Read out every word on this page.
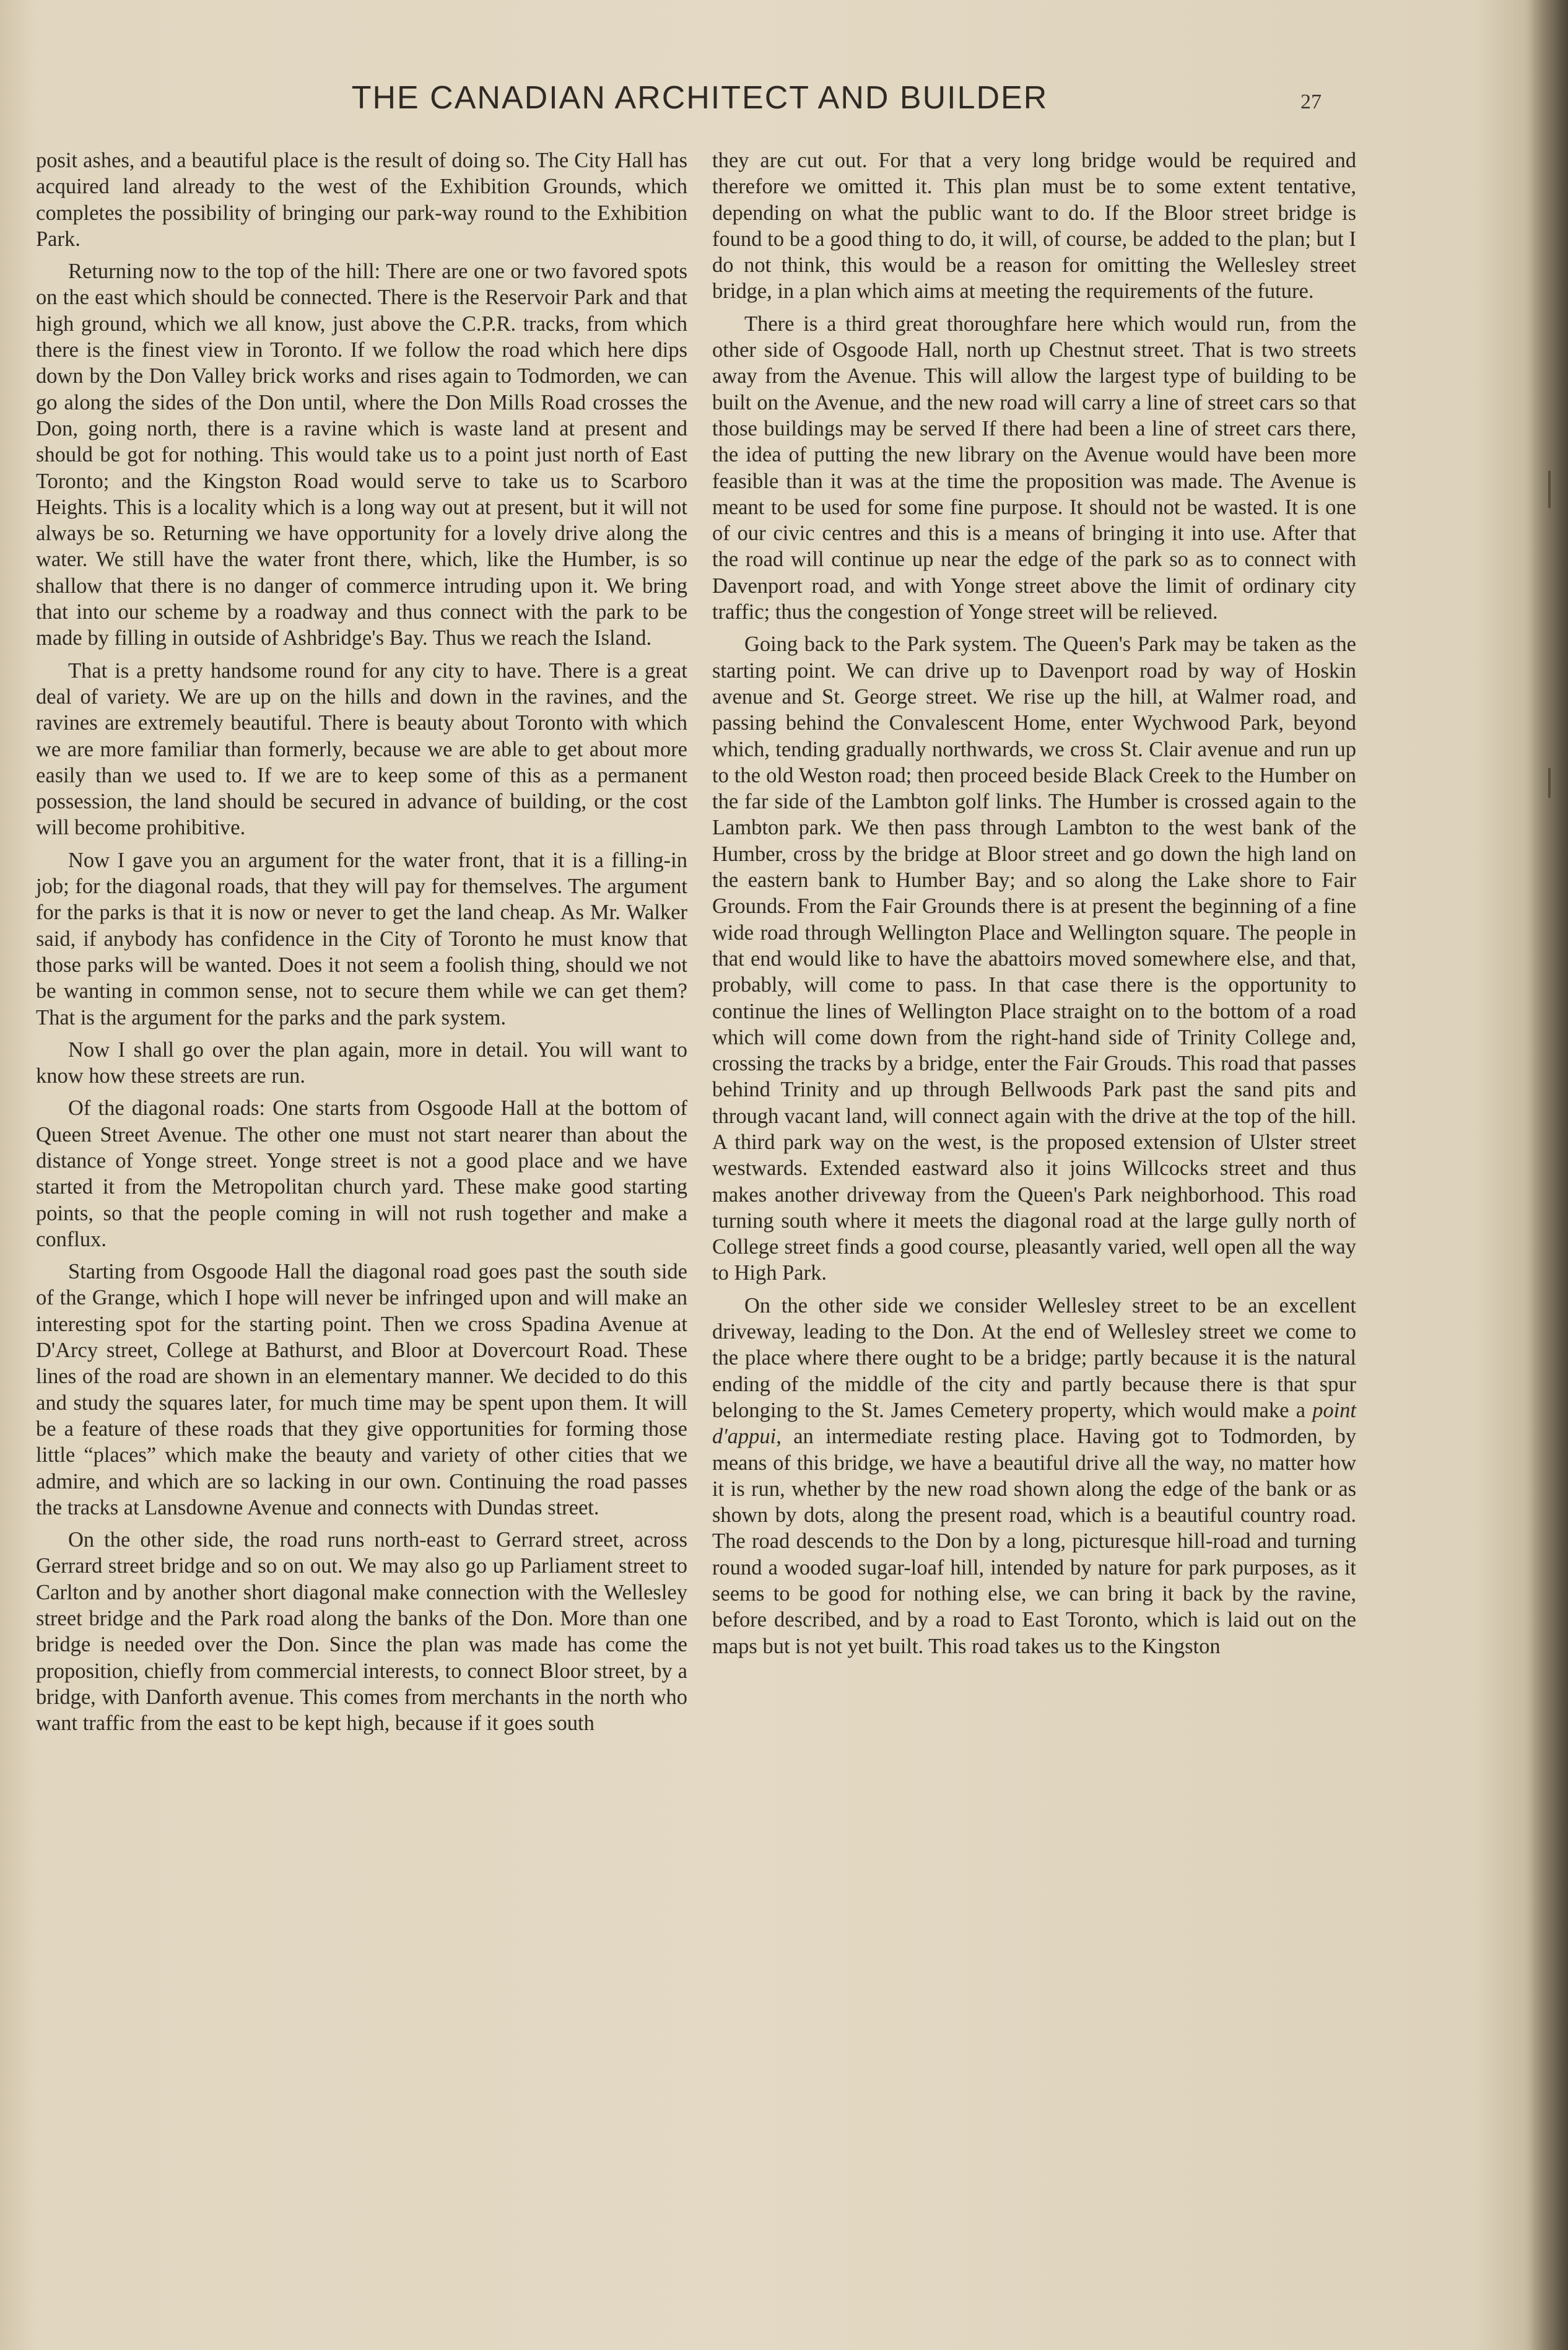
THE CANADIAN ARCHITECT AND BUILDER	27

posit ashes, and a beautiful place is the result of doing so. The City Hall has acquired land already to the west of the Exhibition Grounds, which completes the possibility of bringing our park-way round to the Exhibition Park.

Returning now to the top of the hill: There are one or two favored spots on the east which should be connected. There is the Reservoir Park and that high ground, which we all know, just above the C.P.R. tracks, from which there is the finest view in Toronto. If we follow the road which here dips down by the Don Valley brick works and rises again to Todmorden, we can go along the sides of the Don until, where the Don Mills Road crosses the Don, going north, there is a ravine which is waste land at present and should be got for nothing. This would take us to a point just north of East Toronto; and the Kingston Road would serve to take us to Scarboro Heights. This is a locality which is a long way out at present, but it will not always be so. Returning we have opportunity for a lovely drive along the water. We still have the water front there, which, like the Humber, is so shallow that there is no danger of commerce intruding upon it. We bring that into our scheme by a roadway and thus connect with the park to be made by filling in outside of Ashbridge's Bay. Thus we reach the Island.

That is a pretty handsome round for any city to have. There is a great deal of variety. We are up on the hills and down in the ravines, and the ravines are extremely beautiful. There is beauty about Toronto with which we are more familiar than formerly, because we are able to get about more easily than we used to. If we are to keep some of this as a permanent possession, the land should be secured in advance of building, or the cost will become prohibitive.

Now I gave you an argument for the water front, that it is a filling-in job; for the diagonal roads, that they will pay for themselves. The argument for the parks is that it is now or never to get the land cheap. As Mr. Walker said, if anybody has confidence in the City of Toronto he must know that those parks will be wanted. Does it not seem a foolish thing, should we not be wanting in common sense, not to secure them while we can get them? That is the argument for the parks and the park system.

Now I shall go over the plan again, more in detail. You will want to know how these streets are run.

Of the diagonal roads: One starts from Osgoode Hall at the bottom of Queen Street Avenue. The other one must not start nearer than about the distance of Yonge street. Yonge street is not a good place and we have started it from the Metropolitan church yard. These make good starting points, so that the people coming in will not rush together and make a conflux.

Starting from Osgoode Hall the diagonal road goes past the south side of the Grange, which I hope will never be infringed upon and will make an interesting spot for the starting point. Then we cross Spadina Avenue at D'Arcy street, College at Bathurst, and Bloor at Dovercourt Road. These lines of the road are shown in an elementary manner. We decided to do this and study the squares later, for much time may be spent upon them. It will be a feature of these roads that they give opportunities for forming those little “places” which make the beauty and variety of other cities that we admire, and which are so lacking in our own. Continuing the road passes the tracks at Lansdowne Avenue and connects with Dundas street.

On the other side, the road runs north-east to Gerrard street, across Gerrard street bridge and so on out. We may also go up Parliament street to Carlton and by another short diagonal make connection with the Wellesley street bridge and the Park road along the banks of the Don. More than one bridge is needed over the Don. Since the plan was made has come the proposition, chiefly from commercial interests, to connect Bloor street, by a bridge, with Danforth avenue. This comes from merchants in the north who want traffic from the east to be kept high, because if it goes south

they are cut out. For that a very long bridge would be required and therefore we omitted it. This plan must be to some extent tentative, depending on what the public want to do. If the Bloor street bridge is found to be a good thing to do, it will, of course, be added to the plan; but I do not think, this would be a reason for omitting the Wellesley street bridge, in a plan which aims at meeting the requirements of the future.

There is a third great thoroughfare here which would run, from the other side of Osgoode Hall, north up Chestnut street. That is two streets away from the Avenue. This will allow the largest type of building to be built on the Avenue, and the new road will carry a line of street cars so that those buildings may be served If there had been a line of street cars there, the idea of putting the new library on the Avenue would have been more feasible than it was at the time the proposition was made. The Avenue is meant to be used for some fine purpose. It should not be wasted. It is one of our civic centres and this is a means of bringing it into use. After that the road will continue up near the edge of the park so as to connect with Davenport road, and with Yonge street above the limit of ordinary city traffic; thus the congestion of Yonge street will be relieved.

Going back to the Park system. The Queen's Park may be taken as the starting point. We can drive up to Davenport road by way of Hoskin avenue and St. George street. We rise up the hill, at Walmer road, and passing behind the Convalescent Home, enter Wychwood Park, beyond which, tending gradually northwards, we cross St. Clair avenue and run up to the old Weston road; then proceed beside Black Creek to the Humber on the far side of the Lambton golf links. The Humber is crossed again to the Lambton park. We then pass through Lambton to the west bank of the Humber, cross by the bridge at Bloor street and go down the high land on the eastern bank to Humber Bay; and so along the Lake shore to Fair Grounds. From the Fair Grounds there is at present the beginning of a fine wide road through Wellington Place and Wellington square. The people in that end would like to have the abattoirs moved somewhere else, and that, probably, will come to pass. In that case there is the opportunity to continue the lines of Wellington Place straight on to the bottom of a road which will come down from the right-hand side of Trinity College and, crossing the tracks by a bridge, enter the Fair Grouds. This road that passes behind Trinity and up through Bellwoods Park past the sand pits and through vacant land, will connect again with the drive at the top of the hill. A third park way on the west, is the proposed extension of Ulster street westwards. Extended eastward also it joins Willcocks street and thus makes another driveway from the Queen's Park neighborhood. This road turning south where it meets the diagonal road at the large gully north of College street finds a good course, pleasantly varied, well open all the way to High Park.

On the other side we consider Wellesley street to be an excellent driveway, leading to the Don. At the end of Wellesley street we come to the place where there ought to be a bridge; partly because it is the natural ending of the middle of the city and partly because there is that spur belonging to the St. James Cemetery property, which would make a point d'appui, an intermediate resting place. Having got to Todmorden, by means of this bridge, we have a beautiful drive all the way, no matter how it is run, whether by the new road shown along the edge of the bank or as shown by dots, along the present road, which is a beautiful country road. The road descends to the Don by a long, picturesque hill-road and turning round a wooded sugar-loaf hill, intended by nature for park purposes, as it seems to be good for nothing else, we can bring it back by the ravine, before described, and by a road to East Toronto, which is laid out on the maps but is not yet built. This road takes us to the Kingston
